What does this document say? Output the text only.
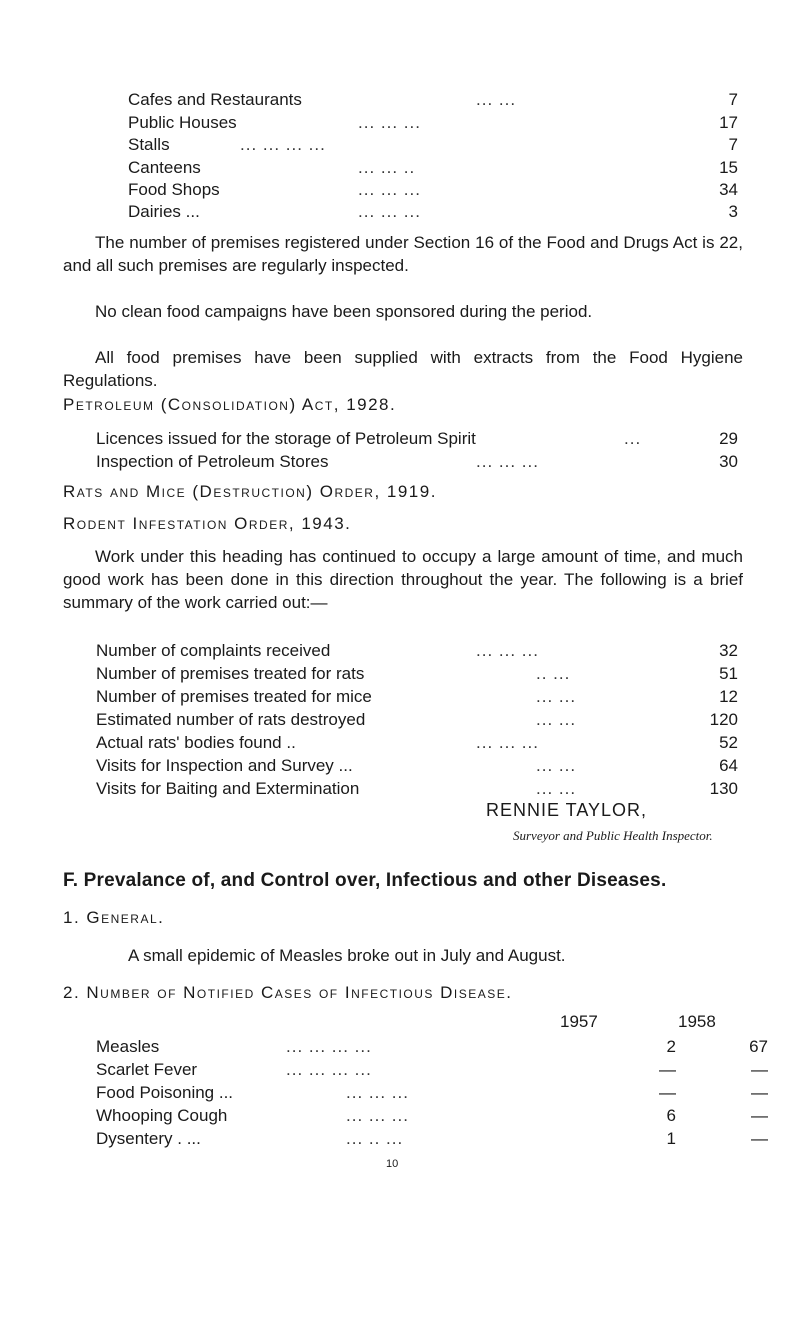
Cafes and Restaurants	... ...	7
Public Houses	... ... ...	17
Stalls	... ... ... ...	7
Canteens	... ... ..	15
Food Shops	... ... ...	34
Dairies ...	... ... ...	3
The number of premises registered under Section 16 of the Food and Drugs Act is 22, and all such premises are regularly inspected.
No clean food campaigns have been sponsored during the period.
All food premises have been supplied with extracts from the Food Hygiene Regulations.
Petroleum (Consolidation) Act, 1928.
Licences issued for the storage of Petroleum Spirit	...	29
Inspection of Petroleum Stores	... ... ...	30
Rats and Mice (Destruction) Order, 1919.
Rodent Infestation Order, 1943.
Work under this heading has continued to occupy a large amount of time, and much good work has been done in this direction throughout the year. The following is a brief summary of the work carried out:—
Number of complaints received	... ... ...	32
Number of premises treated for rats	.. ...	51
Number of premises treated for mice	... ...	12
Estimated number of rats destroyed	... ...	120
Actual rats' bodies found ..	... ... ...	52
Visits for Inspection and Survey ...	... ...	64
Visits for Baiting and Extermination	... ...	130
RENNIE TAYLOR,
Surveyor and Public Health Inspector.
F. Prevalance of, and Control over, Infectious and other Diseases.
1. General.
A small epidemic of Measles broke out in July and August.
2. Number of Notified Cases of Infectious Disease.
1957	1958
Measles	... ... ... ...	2	67
Scarlet Fever	... ... ... ...	—	—
Food Poisoning ...	... ... ...	—	—
Whooping Cough	... ... ...	6	—
Dysentery . ...	... .. ...	1	—
10
